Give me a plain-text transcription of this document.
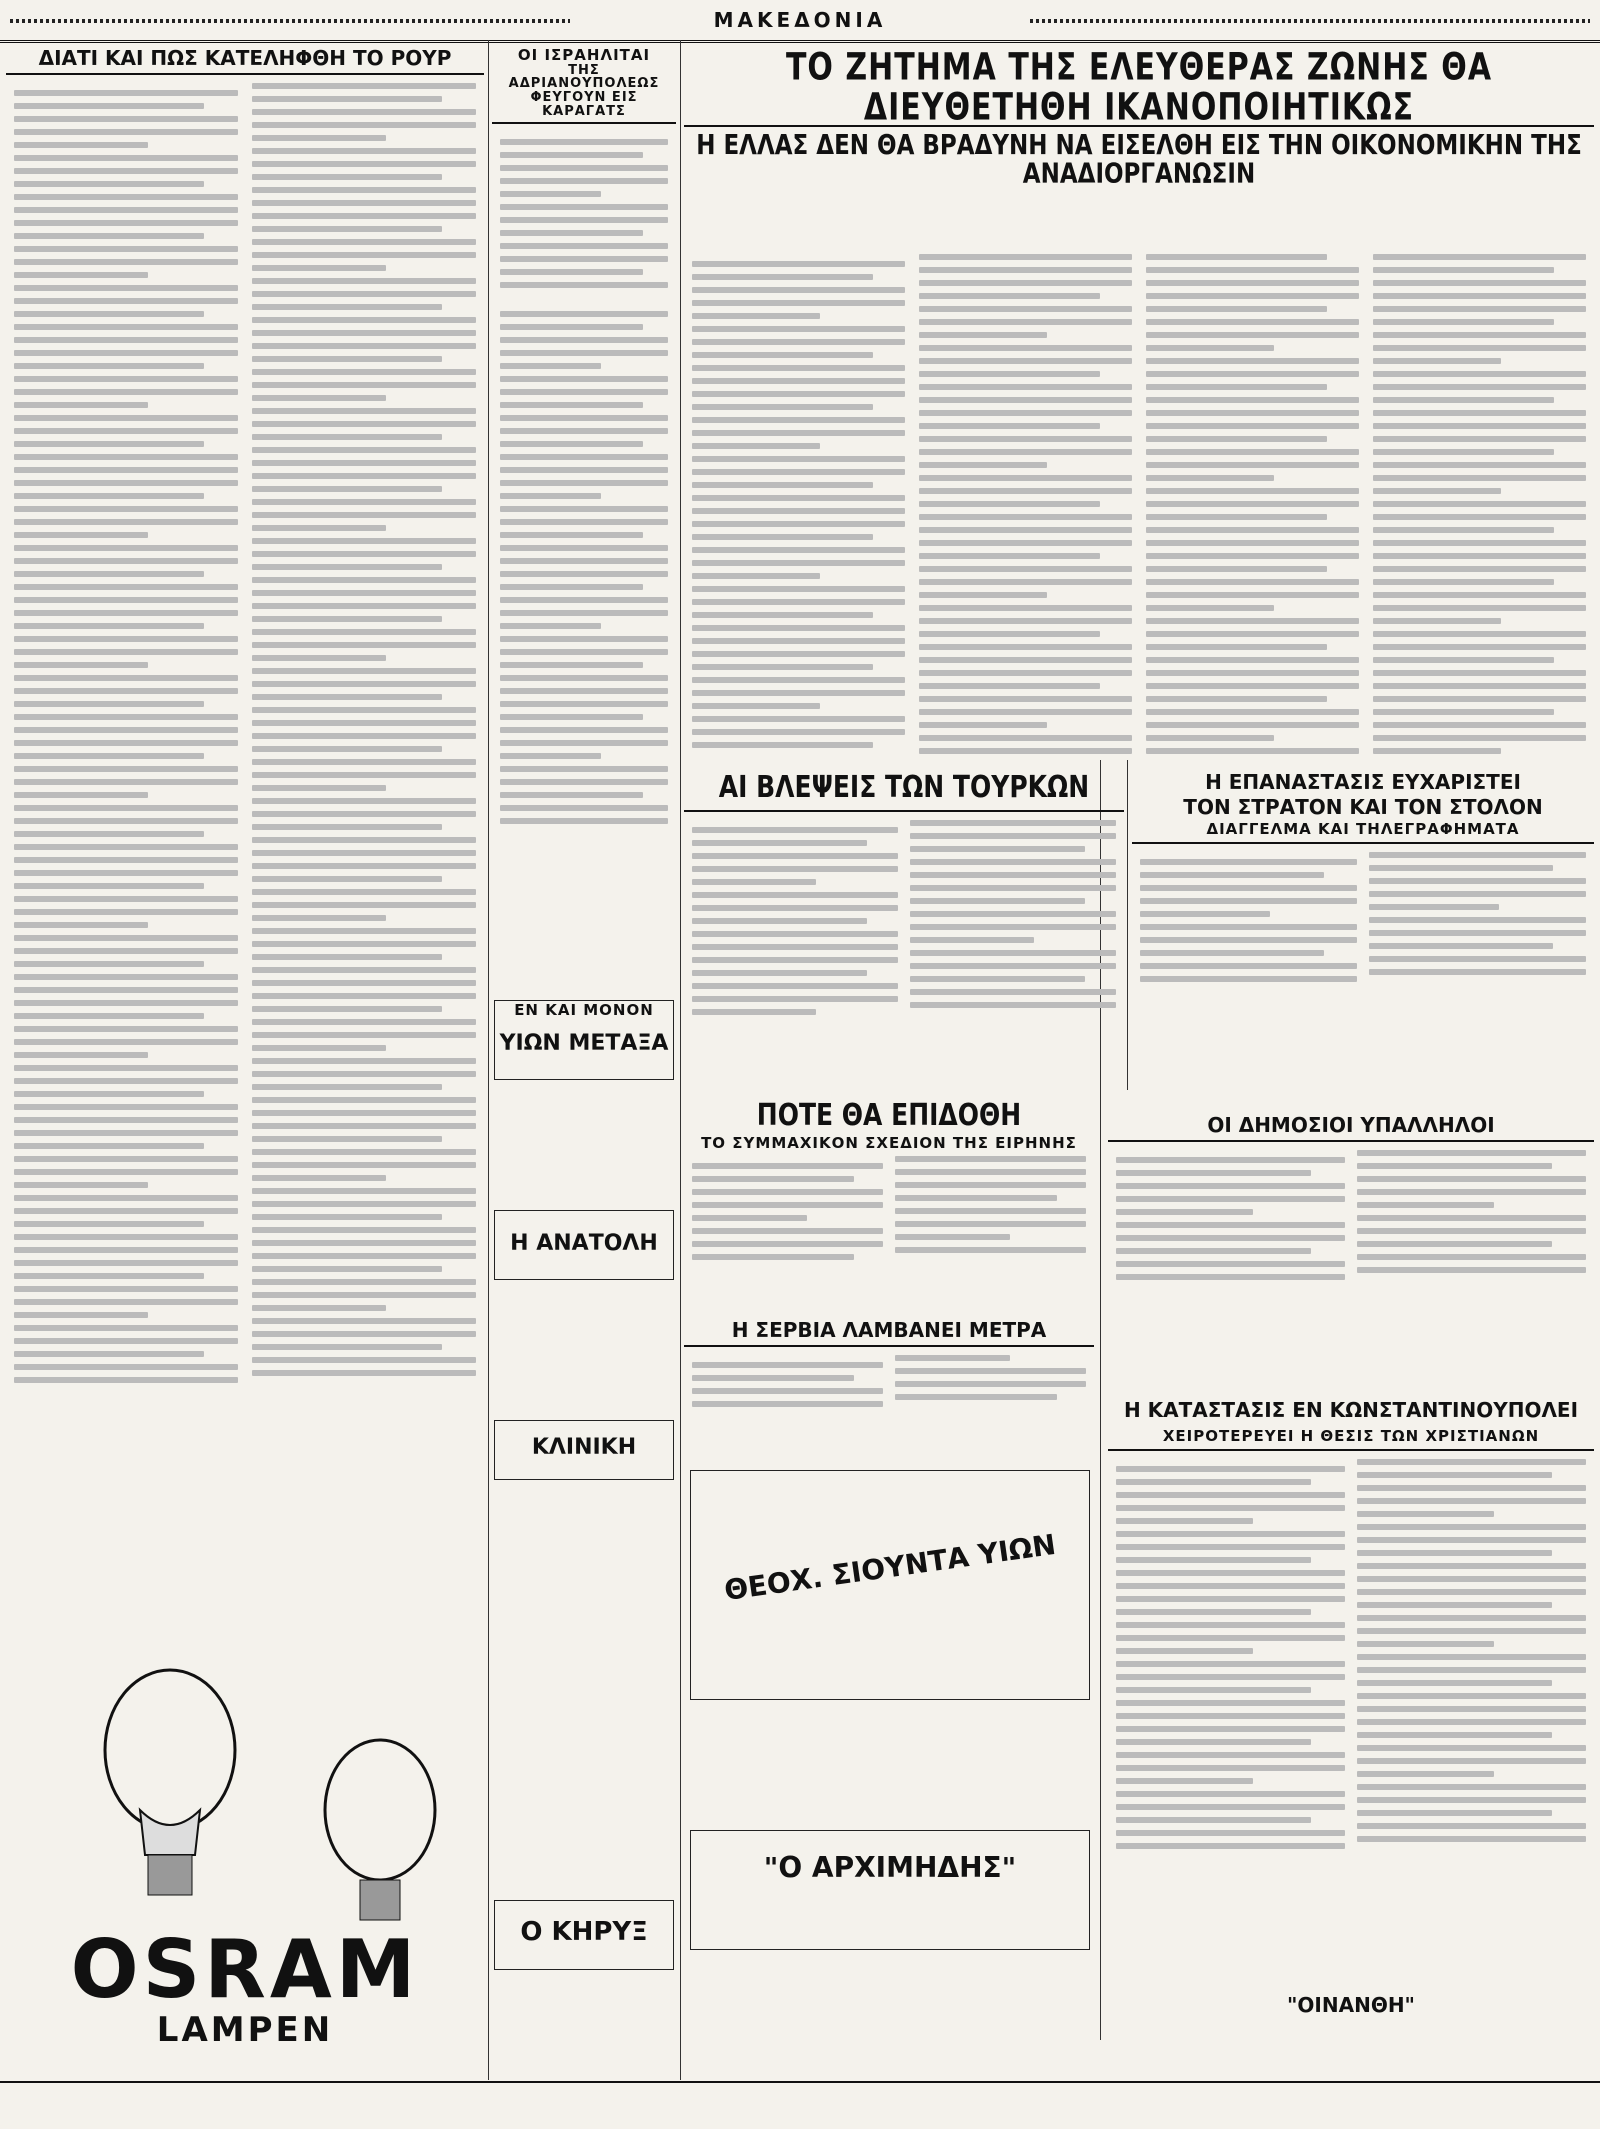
ΜΑΚΕΔΟΝΙΑ
ΔΙΑΤΙ ΚΑΙ ΠΩΣ ΚΑΤΕΛΗΦΘΗ ΤΟ ΡΟΥΡ
OSRAM
LAMPEN
ΟΙ ΙΣΡΑΗΛΙΤΑΙ
ΤΗΣ ΑΔΡΙΑΝΟΥΠΟΛΕΩΣ
ΦΕΥΓΟΥΝ ΕΙΣ ΚΑΡΑΓΑΤΣ
ΕΝ ΚΑΙ ΜΟΝΟΝ
ΥΙΩΝ ΜΕΤΑΞΑ
Η ΑΝΑΤΟΛΗ
ΚΛΙΝΙΚΗ
Ο ΚΗΡΥΞ
ΤΟ ΖΗΤΗΜΑ ΤΗΣ ΕΛΕΥΘΕΡΑΣ ΖΩΝΗΣ ΘΑ ΔΙΕΥΘΕΤΗΘΗ ΙΚΑΝΟΠΟΙΗΤΙΚΩΣ
Η ΕΛΛΑΣ ΔΕΝ ΘΑ ΒΡΑΔΥΝΗ ΝΑ ΕΙΣΕΛΘΗ ΕΙΣ ΤΗΝ ΟΙΚΟΝΟΜΙΚΗΝ ΤΗΣ ΑΝΑΔΙΟΡΓΑΝΩΣΙΝ
ΑΙ ΒΛΕΨΕΙΣ ΤΩΝ ΤΟΥΡΚΩΝ	Η ΕΠΑΝΑΣΤΑΣΙΣ ΕΥΧΑΡΙΣΤΕΙ
ΤΟΝ ΣΤΡΑΤΟΝ ΚΑΙ ΤΟΝ ΣΤΟΛΟΝ
ΔΙΑΓΓΕΛΜΑ ΚΑΙ ΤΗΛΕΓΡΑΦΗΜΑΤΑ
ΠΟΤΕ ΘΑ ΕΠΙΔΟΘΗ
ΤΟ ΣΥΜΜΑΧΙΚΟΝ ΣΧΕΔΙΟΝ ΤΗΣ ΕΙΡΗΝΗΣ
ΟΙ ΔΗΜΟΣΙΟΙ ΥΠΑΛΛΗΛΟΙ
Η ΣΕΡΒΙΑ ΛΑΜΒΑΝΕΙ ΜΕΤΡΑ
Η ΚΑΤΑΣΤΑΣΙΣ ΕΝ ΚΩΝΣΤΑΝΤΙΝΟΥΠΟΛΕΙ
ΧΕΙΡΟΤΕΡΕΥΕΙ Η ΘΕΣΙΣ ΤΩΝ ΧΡΙΣΤΙΑΝΩΝ
ΘΕΟΧ. ΣΙΟΥΝΤΑ ΥΙΩΝ
"Ο ΑΡΧΙΜΗΔΗΣ"
"ΟΙΝΑΝΘΗ"
